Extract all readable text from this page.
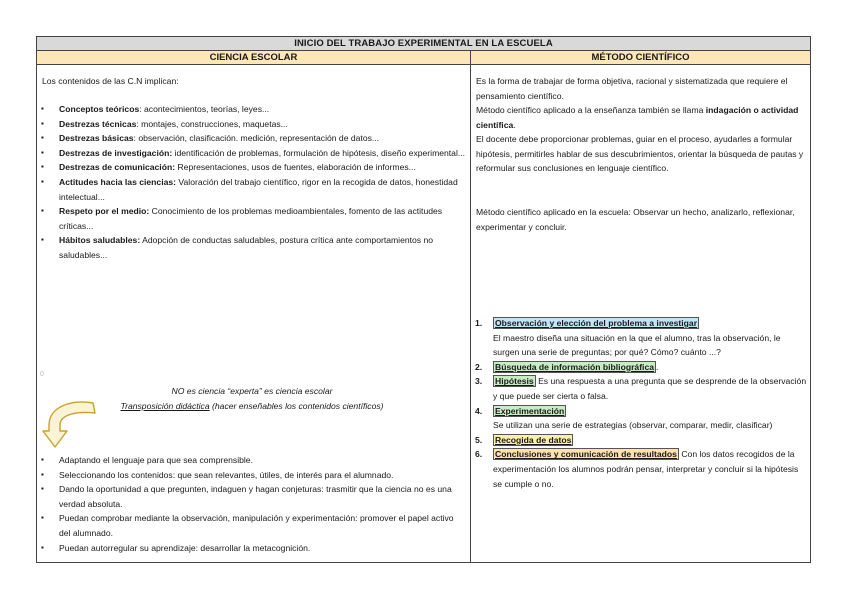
INICIO DEL TRABAJO EXPERIMENTAL EN LA ESCUELA
CIENCIA ESCOLAR	MÉTODO CIENTÍFICO
Los contenidos de las C.N implican:
▪ Conceptos teóricos: acontecimientos, teorías, leyes...
▪ Destrezas técnicas: montajes, construcciones, maquetas...
▪ Destrezas básicas: observación, clasificación. medición, representación de datos...
▪ Destrezas de investigación: identificación de problemas, formulación de hipótesis, diseño experimental...
▪ Destrezas de comunicación: Representaciones, usos de fuentes, elaboración de informes...
▪ Actitudes hacia las ciencias: Valoración del trabajo científico, rigor en la recogida de datos, honestidad intelectual...
▪ Respeto por el medio: Conocimiento de los problemas medioambientales, fomento de las actitudes críticas...
▪ Hábitos saludables: Adopción de conductas saludables, postura crítica ante comportamientos no saludables...
0
NO es ciencia “experta” es ciencia escolar
Transposición didáctica (hacer enseñables los contenidos científicos)
▪ Adaptando el lenguaje para que sea comprensible.
▪ Seleccionando los contenidos: que sean relevantes, útiles, de interés para el alumnado.
▪ Dando la oportunidad a que pregunten, indaguen y hagan conjeturas: trasmitir que la ciencia no es una verdad absoluta.
▪ Puedan comprobar mediante la observación, manipulación y experimentación: promover el papel activo del alumnado.
▪ Puedan autorregular su aprendizaje: desarrollar la metacognición.
Es la forma de trabajar de forma objetiva, racional y sistematizada que requiere el pensamiento científico.
Método científico aplicado a la enseñanza también se llama indagación o actividad científica.
El docente debe proporcionar problemas, guiar en el proceso, ayudarles a formular hipótesis, permitirles hablar de sus descubrimientos, orientar la búsqueda de pautas y reformular sus conclusiones en lenguaje científico.
Método científico aplicado en la escuela: Observar un hecho, analizarlo, reflexionar, experimentar y concluir.
1. Observación y elección del problema a investigar
El maestro diseña una situación en la que el alumno, tras la observación, le surgen una serie de preguntas; por qué? Cómo? cuánto ...?
2. Búsqueda de información bibliográfica .
3. Hipótesis Es una respuesta a una pregunta que se desprende de la observación y que puede ser cierta o falsa.
4. Experimentación
Se utilizan una serie de estrategias (observar, comparar, medir, clasificar)
5. Recogida de datos
6. Conclusiones y comunicación de resultados Con los datos recogidos de la experimentación los alumnos podrán pensar, interpretar y concluir si la hipótesis se cumple o no.
